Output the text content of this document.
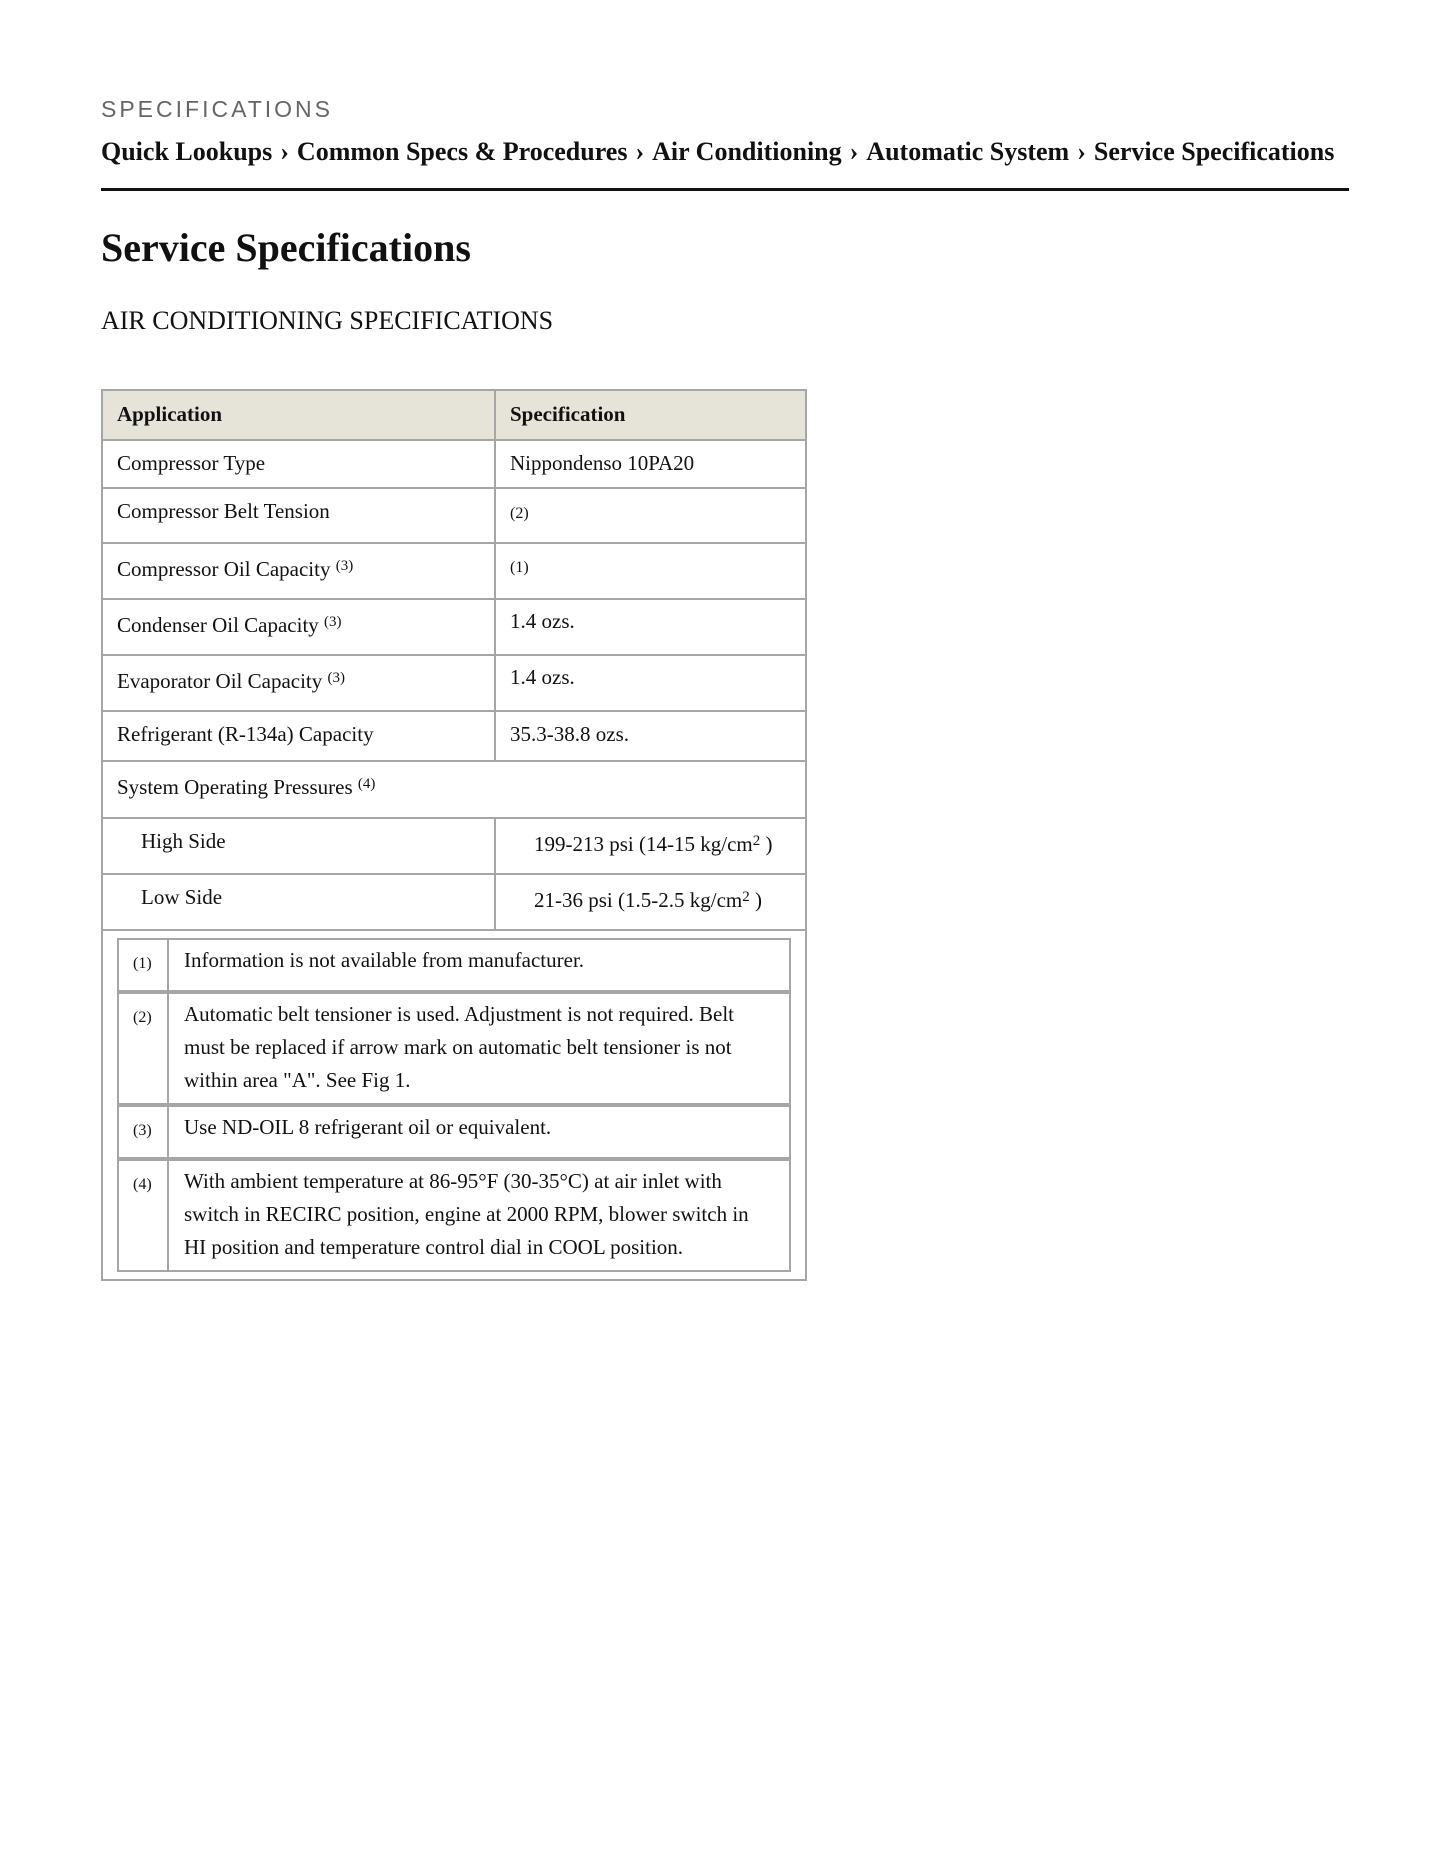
SPECIFICATIONS
Quick Lookups › Common Specs & Procedures › Air Conditioning › Automatic System › Service Specifications
Service Specifications
AIR CONDITIONING SPECIFICATIONS
Application	Specification
Compressor Type	Nippondenso 10PA20
Compressor Belt Tension	(2)
Compressor Oil Capacity $^{(3)}$	(1)
Condenser Oil Capacity $^{(3)}$	1.4 ozs.
Evaporator Oil Capacity $^{(3)}$	1.4 ozs.
Refrigerant (R-134a) Capacity	35.3-38.8 ozs.
System Operating Pressures $^{(4)}$
High Side	199-213 psi (14-15 $kg/cm^2$ )
Low Side	21-36 psi (1.5-2.5 $kg/cm^2$ )

(1)	Information is not available from manufacturer.
(2)	Automatic belt tensioner is used. Adjustment is not required. Belt must be replaced if arrow mark on automatic belt tensioner is not within area "A". See Fig 1.
(3)	Use ND-OIL 8 refrigerant oil or equivalent.
(4)	With ambient temperature at 86-95°F (30-35°C) at air inlet with switch in RECIRC position, engine at 2000 RPM, blower switch in HI position and temperature control dial in COOL position.
